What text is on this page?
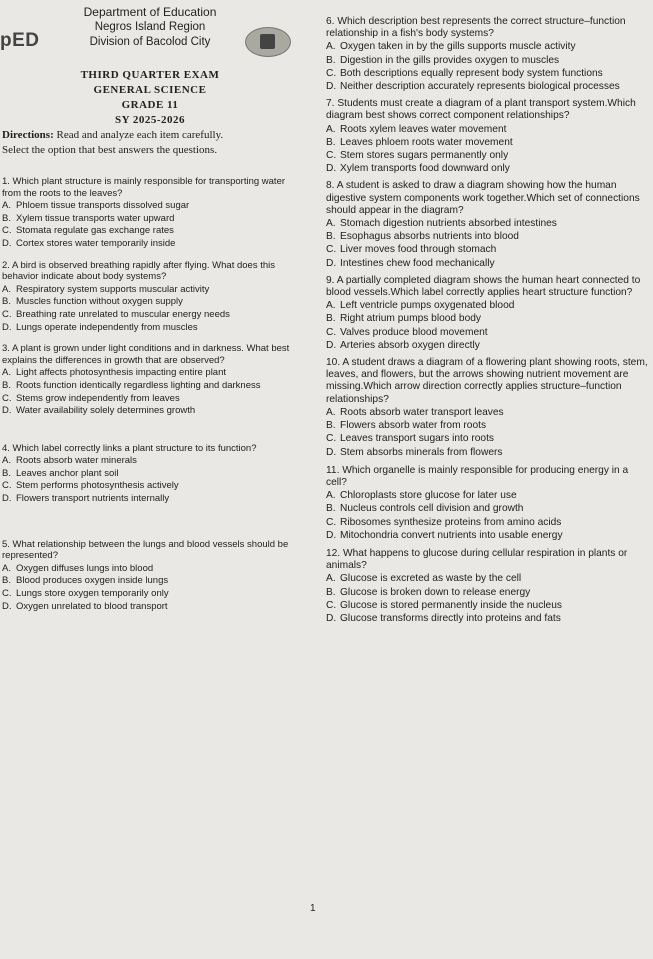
pED
Department of Education
Negros Island Region
Division of Bacolod City
THIRD QUARTER EXAM
GENERAL SCIENCE
GRADE 11
SY 2025-2026
Directions: Read and analyze each item carefully.
Select the option that best answers the questions.
1. Which plant structure is mainly responsible for transporting water from the roots to the leaves?
A. Phloem tissue transports dissolved sugar
B. Xylem tissue transports water upward
C. Stomata regulate gas exchange rates
D. Cortex stores water temporarily inside
2. A bird is observed breathing rapidly after flying. What does this behavior indicate about body systems?
A. Respiratory system supports muscular activity
B. Muscles function without oxygen supply
C. Breathing rate unrelated to muscular energy needs
D. Lungs operate independently from muscles
3. A plant is grown under light conditions and in darkness. What best explains the differences in growth that are observed?
A. Light affects photosynthesis impacting entire plant
B. Roots function identically regardless lighting and darkness
C. Stems grow independently from leaves
D. Water availability solely determines growth
4. Which label correctly links a plant structure to its function?
A. Roots absorb water minerals
B. Leaves anchor plant soil
C. Stem performs photosynthesis actively
D. Flowers transport nutrients internally
5. What relationship between the lungs and blood vessels should be represented?
A. Oxygen diffuses lungs into blood
B. Blood produces oxygen inside lungs
C. Lungs store oxygen temporarily only
D. Oxygen unrelated to blood transport
6. Which description best represents the correct structure–function relationship in a fish's body systems?
A. Oxygen taken in by the gills supports muscle activity
B. Digestion in the gills provides oxygen to muscles
C. Both descriptions equally represent body system functions
D. Neither description accurately represents biological processes
7. Students must create a diagram of a plant transport system.Which diagram best shows correct component relationships?
A. Roots xylem leaves water movement
B. Leaves phloem roots water movement
C. Stem stores sugars permanently only
D. Xylem transports food downward only
8. A student is asked to draw a diagram showing how the human digestive system components work together.Which set of connections should appear in the diagram?
A. Stomach digestion nutrients absorbed intestines
B. Esophagus absorbs nutrients into blood
C. Liver moves food through stomach
D. Intestines chew food mechanically
9. A partially completed diagram shows the human heart connected to blood vessels.Which label correctly applies heart structure function?
A. Left ventricle pumps oxygenated blood
B. Right atrium pumps blood body
C. Valves produce blood movement
D. Arteries absorb oxygen directly
10. A student draws a diagram of a flowering plant showing roots, stem, leaves, and flowers, but the arrows showing nutrient movement are missing.Which arrow direction correctly applies structure–function relationships?
A. Roots absorb water transport leaves
B. Flowers absorb water from roots
C. Leaves transport sugars into roots
D. Stem absorbs minerals from flowers
11. Which organelle is mainly responsible for producing energy in a cell?
A. Chloroplasts store glucose for later use
B. Nucleus controls cell division and growth
C. Ribosomes synthesize proteins from amino acids
D. Mitochondria convert nutrients into usable energy
12. What happens to glucose during cellular respiration in plants or animals?
A. Glucose is excreted as waste by the cell
B. Glucose is broken down to release energy
C. Glucose is stored permanently inside the nucleus
D. Glucose transforms directly into proteins and fats
1
